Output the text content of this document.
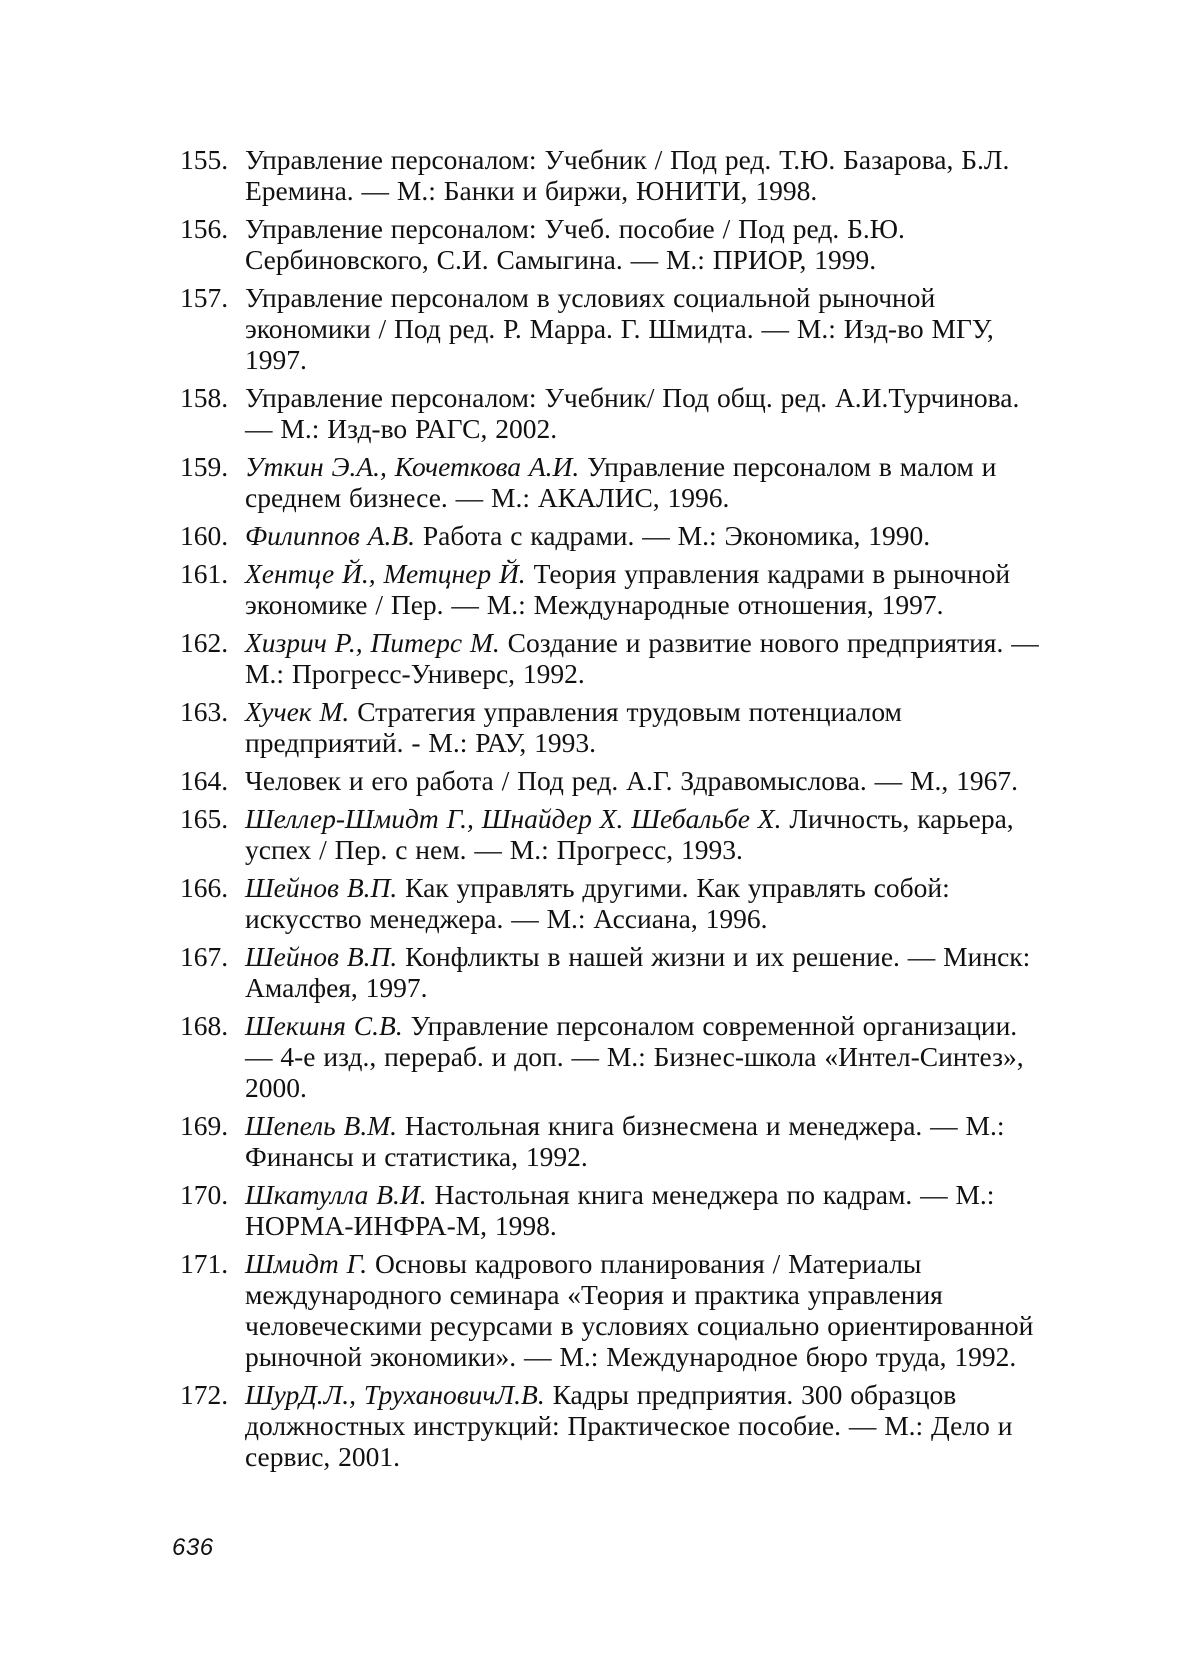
155. Управление персоналом: Учебник / Под ред. Т.Ю. Базарова, Б.Л. Еремина. — М.: Банки и биржи, ЮНИТИ, 1998.
156. Управление персоналом: Учеб. пособие / Под ред. Б.Ю. Сербиновского, С.И. Самыгина. — М.: ПРИОР, 1999.
157. Управление персоналом в условиях социальной рыночной экономики / Под ред. Р. Марра. Г. Шмидта. — М.: Изд-во МГУ, 1997.
158. Управление персоналом: Учебник/ Под общ. ред. А.И.Турчинова. — М.: Изд-во РАГС, 2002.
159. Уткин Э.А., Кочеткова А.И. Управление персоналом в малом и среднем бизнесе. — М.: АКАЛИС, 1996.
160. Филиппов А.В. Работа с кадрами. — М.: Экономика, 1990.
161. Хентце Й., Метцнер Й. Теория управления кадрами в рыночной экономике / Пер. — М.: Международные отношения, 1997.
162. Хизрич Р., Питерс М. Создание и развитие нового предприятия. — М.: Прогресс-Универс, 1992.
163. Хучек М. Стратегия управления трудовым потенциалом предприятий. - М.: РАУ, 1993.
164. Человек и его работа / Под ред. А.Г. Здравомыслова. — М., 1967.
165. Шеллер-Шмидт Г., Шнайдер Х. Шебальбе Х. Личность, карьера, успех / Пер. с нем. — М.: Прогресс, 1993.
166. Шейнов В.П. Как управлять другими. Как управлять собой: искусство менеджера. — М.: Ассиана, 1996.
167. Шейнов В.П. Конфликты в нашей жизни и их решение. — Минск: Амалфея, 1997.
168. Шекшня С.В. Управление персоналом современной организации. — 4-е изд., перераб. и доп. — М.: Бизнес-школа «Интел-Синтез», 2000.
169. Шепель В.М. Настольная книга бизнесмена и менеджера. — М.: Финансы и статистика, 1992.
170. Шкатулла В.И. Настольная книга менеджера по кадрам. — М.: НОРМА-ИНФРА-М, 1998.
171. Шмидт Г. Основы кадрового планирования / Материалы международного семинара «Теория и практика управления человеческими ресурсами в условиях социально ориентированной рыночной экономики». — М.: Международное бюро труда, 1992.
172. ШурД.Л., ТрухановичЛ.В. Кадры предприятия. 300 образцов должностных инструкций: Практическое пособие. — М.: Дело и сервис, 2001.
636
